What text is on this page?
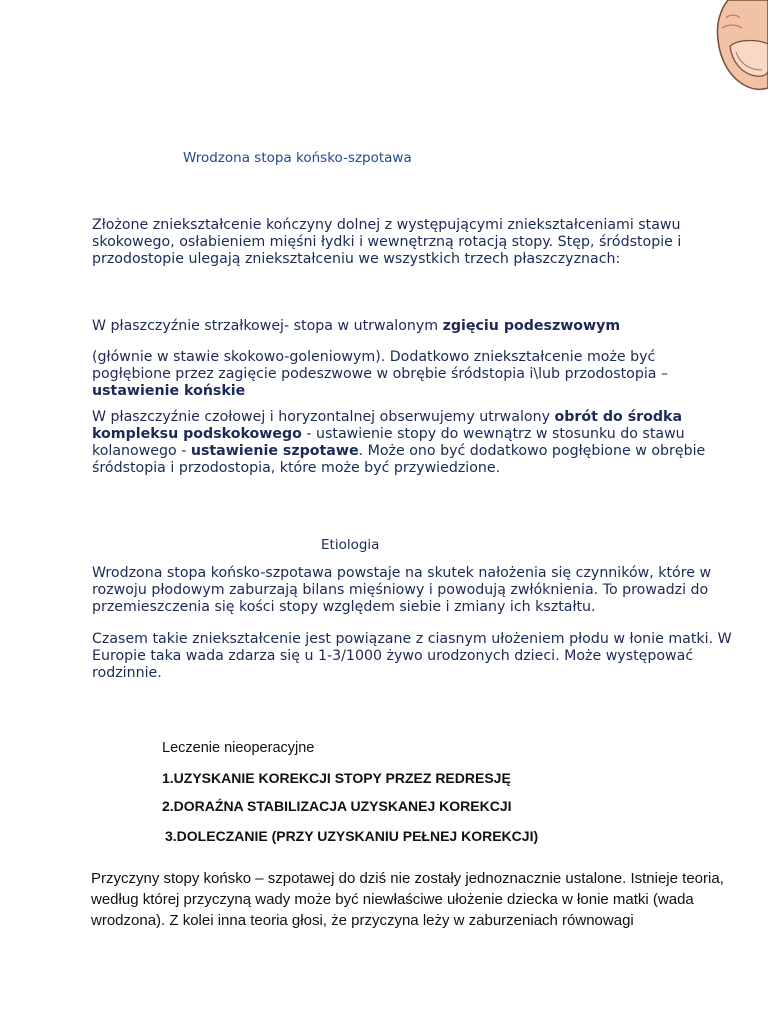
Wrodzona stopa końsko-szpotawa
Złożone zniekształcenie kończyny dolnej z występującymi zniekształceniami stawu skokowego, osłabieniem mięśni łydki i wewnętrzną rotacją stopy. Stęp, śródstopie i przodostopie ulegają zniekształceniu we wszystkich trzech płaszczyznach:
W płaszczyźnie strzałkowej- stopa w utrwalonym zgięciu podeszwowym
(głównie w stawie skokowo-goleniowym). Dodatkowo zniekształcenie może być pogłębione przez zagięcie podeszwowe w obrębie śródstopia i\lub przodostopia – ustawienie końskie
W płaszczyźnie czołowej i horyzontalnej obserwujemy utrwalony obrót do środka kompleksu podskokowego - ustawienie stopy do wewnątrz w stosunku do stawu kolanowego - ustawienie szpotawe. Może ono być dodatkowo pogłębione w obrębie śródstopia i przodostopia, które może być przywiedzione.
Etiologia
Wrodzona stopa końsko-szpotawa powstaje na skutek nałożenia się czynników, które w rozwoju płodowym zaburzają bilans mięśniowy i powodują zwłóknienia. To prowadzi do przemieszczenia się kości stopy względem siebie i zmiany ich kształtu.
Czasem takie zniekształcenie jest powiązane z ciasnym ułożeniem płodu w łonie matki. W Europie taka wada zdarza się u 1-3/1000 żywo urodzonych dzieci. Może występować rodzinnie.
Leczenie nieoperacyjne
1.UZYSKANIE KOREKCJI STOPY PRZEZ REDRESJĘ
2.DORAŹNA STABILIZACJA UZYSKANEJ KOREKCJI
3.DOLECZANIE (PRZY UZYSKANIU PEŁNEJ KOREKCJI)
Przyczyny stopy końsko – szpotawej do dziś nie zostały jednoznacznie ustalone. Istnieje teoria, według której przyczyną wady może być niewłaściwe ułożenie dziecka w łonie matki (wada wrodzona). Z kolei inna teoria głosi, że przyczyna leży w zaburzeniach równowagi
